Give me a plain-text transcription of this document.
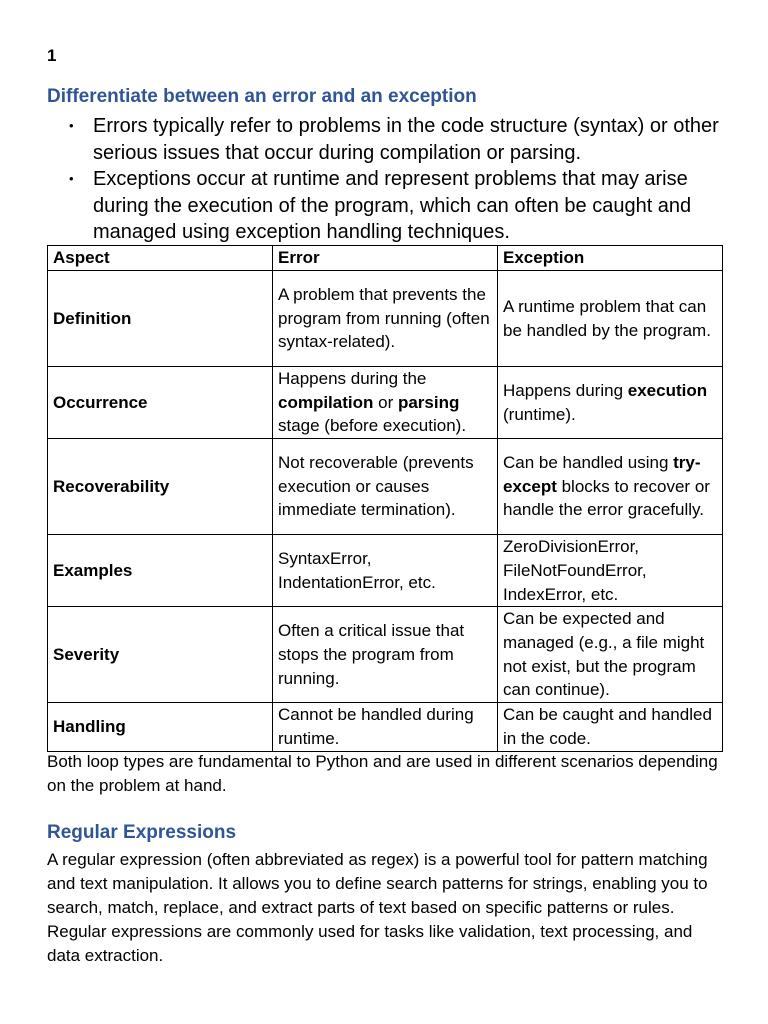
1
Differentiate between an error and an exception
• Errors typically refer to problems in the code structure (syntax) or other serious issues that occur during compilation or parsing.
• Exceptions occur at runtime and represent problems that may arise during the execution of the program, which can often be caught and managed using exception handling techniques.
Aspect	Error	Exception
Definition	A problem that prevents the program from running (often syntax-related).	A runtime problem that can be handled by the program.
Occurrence	Happens during the compilation or parsing stage (before execution).	Happens during execution (runtime).
Recoverability	Not recoverable (prevents execution or causes immediate termination).	Can be handled using try-except blocks to recover or handle the error gracefully.
Examples	SyntaxError, IndentationError, etc.	ZeroDivisionError, FileNotFoundError, IndexError, etc.
Severity	Often a critical issue that stops the program from running.	Can be expected and managed (e.g., a file might not exist, but the program can continue).
Handling	Cannot be handled during runtime.	Can be caught and handled in the code.

Both loop types are fundamental to Python and are used in different scenarios depending on the problem at hand.

Regular Expressions

A regular expression (often abbreviated as regex) is a powerful tool for pattern matching and text manipulation. It allows you to define search patterns for strings, enabling you to search, match, replace, and extract parts of text based on specific patterns or rules. Regular expressions are commonly used for tasks like validation, text processing, and data extraction.
